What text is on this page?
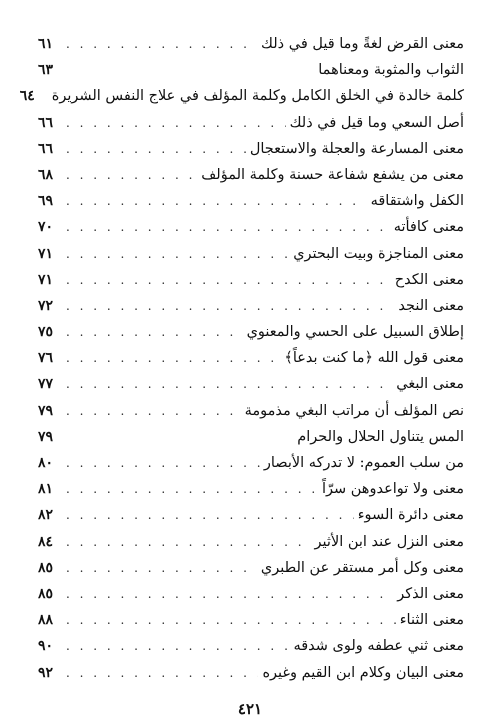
معنى القرض لغةً وما قيل في ذلك
. . .
٦١
الثواب والمثوبة ومعناهما
٦٣
كلمة خالدة في الخلق الكامل وكلمة المؤلف في علاج النفس الشريرة
٦٤
أصل السعي وما قيل في ذلك
. . .
٦٦
معنى المسارعة والعجلة والاستعجال
. . .
٦٦
معنى من يشفع شفاعة حسنة وكلمة المؤلف
. . .
٦٨
الكفل واشتقاقه
. . .
٦٩
معنى كافأته
. . .
٧٠
معنى المناجزة وبيت البحتري
. . .
٧١
معنى الكدح
. . .
٧١
معنى النجد
. . .
٧٢
إطلاق السبيل على الحسي والمعنوي
. . .
٧٥
معنى قول الله ﴿ما كنت بدعاً﴾
. . .
٧٦
معنى البغي
. . .
٧٧
نص المؤلف أن مراتب البغي مذمومة
. . .
٧٩
المس يتناول الحلال والحرام
٧٩
من سلب العموم: لا تدركه الأبصار
. . .
٨٠
معنى ولا تواعدوهن سرّاً
. . .
٨١
معنى دائرة السوء
. . .
٨٢
معنى النزل عند ابن الأثير
. . .
٨٤
معنى وكل أمر مستقر عن الطبري
. . .
٨٥
معنى الذكر
. . .
٨٥
معنى الثناء
. . .
٨٨
معنى ثني عطفه ولوى شدقه
. . .
٩٠
معنى البيان وكلام ابن القيم وغيره
. . .
٩٢
٤٢١
